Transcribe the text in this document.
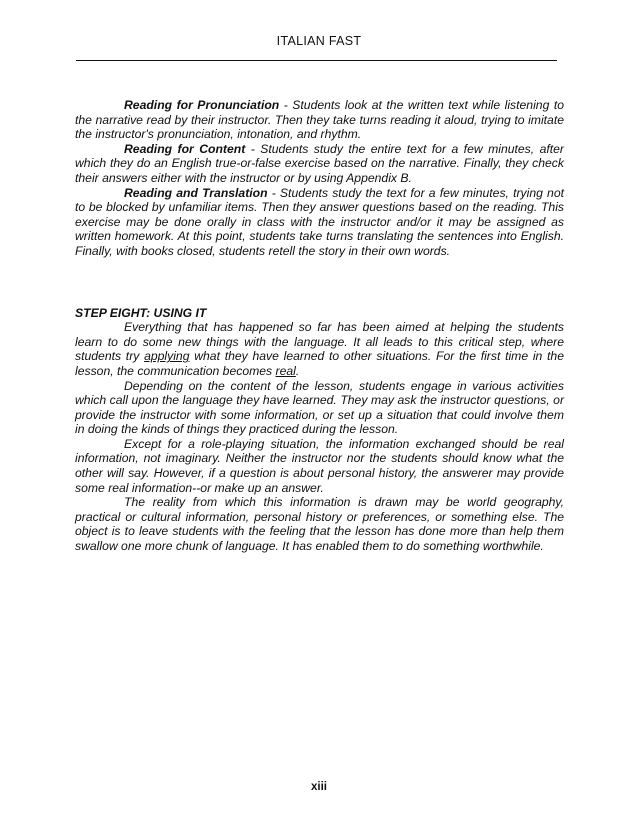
ITALIAN FAST

Reading for Pronunciation - Students look at the written text while listening to the narrative read by their instructor. Then they take turns reading it aloud, trying to imitate the instructor's pronunciation, intonation, and rhythm.

Reading for Content - Students study the entire text for a few minutes, after which they do an English true-or-false exercise based on the narrative. Finally, they check their answers either with the instructor or by using Appendix B.

Reading and Translation - Students study the text for a few minutes, trying not to be blocked by unfamiliar items. Then they answer questions based on the reading. This exercise may be done orally in class with the instructor and/or it may be assigned as written homework. At this point, students take turns translating the sentences into English. Finally, with books closed, students retell the story in their own words.

STEP EIGHT: USING IT

Everything that has happened so far has been aimed at helping the students learn to do some new things with the language. It all leads to this critical step, where students try applying what they have learned to other situations. For the first time in the lesson, the communication becomes real.

Depending on the content of the lesson, students engage in various activities which call upon the language they have learned. They may ask the instructor questions, or provide the instructor with some information, or set up a situation that could involve them in doing the kinds of things they practiced during the lesson.

Except for a role-playing situation, the information exchanged should be real information, not imaginary. Neither the instructor nor the students should know what the other will say. However, if a question is about personal history, the answerer may provide some real information--or make up an answer.

The reality from which this information is drawn may be world geography, practical or cultural information, personal history or preferences, or something else. The object is to leave students with the feeling that the lesson has done more than help them swallow one more chunk of language. It has enabled them to do something worthwhile.

xiii
